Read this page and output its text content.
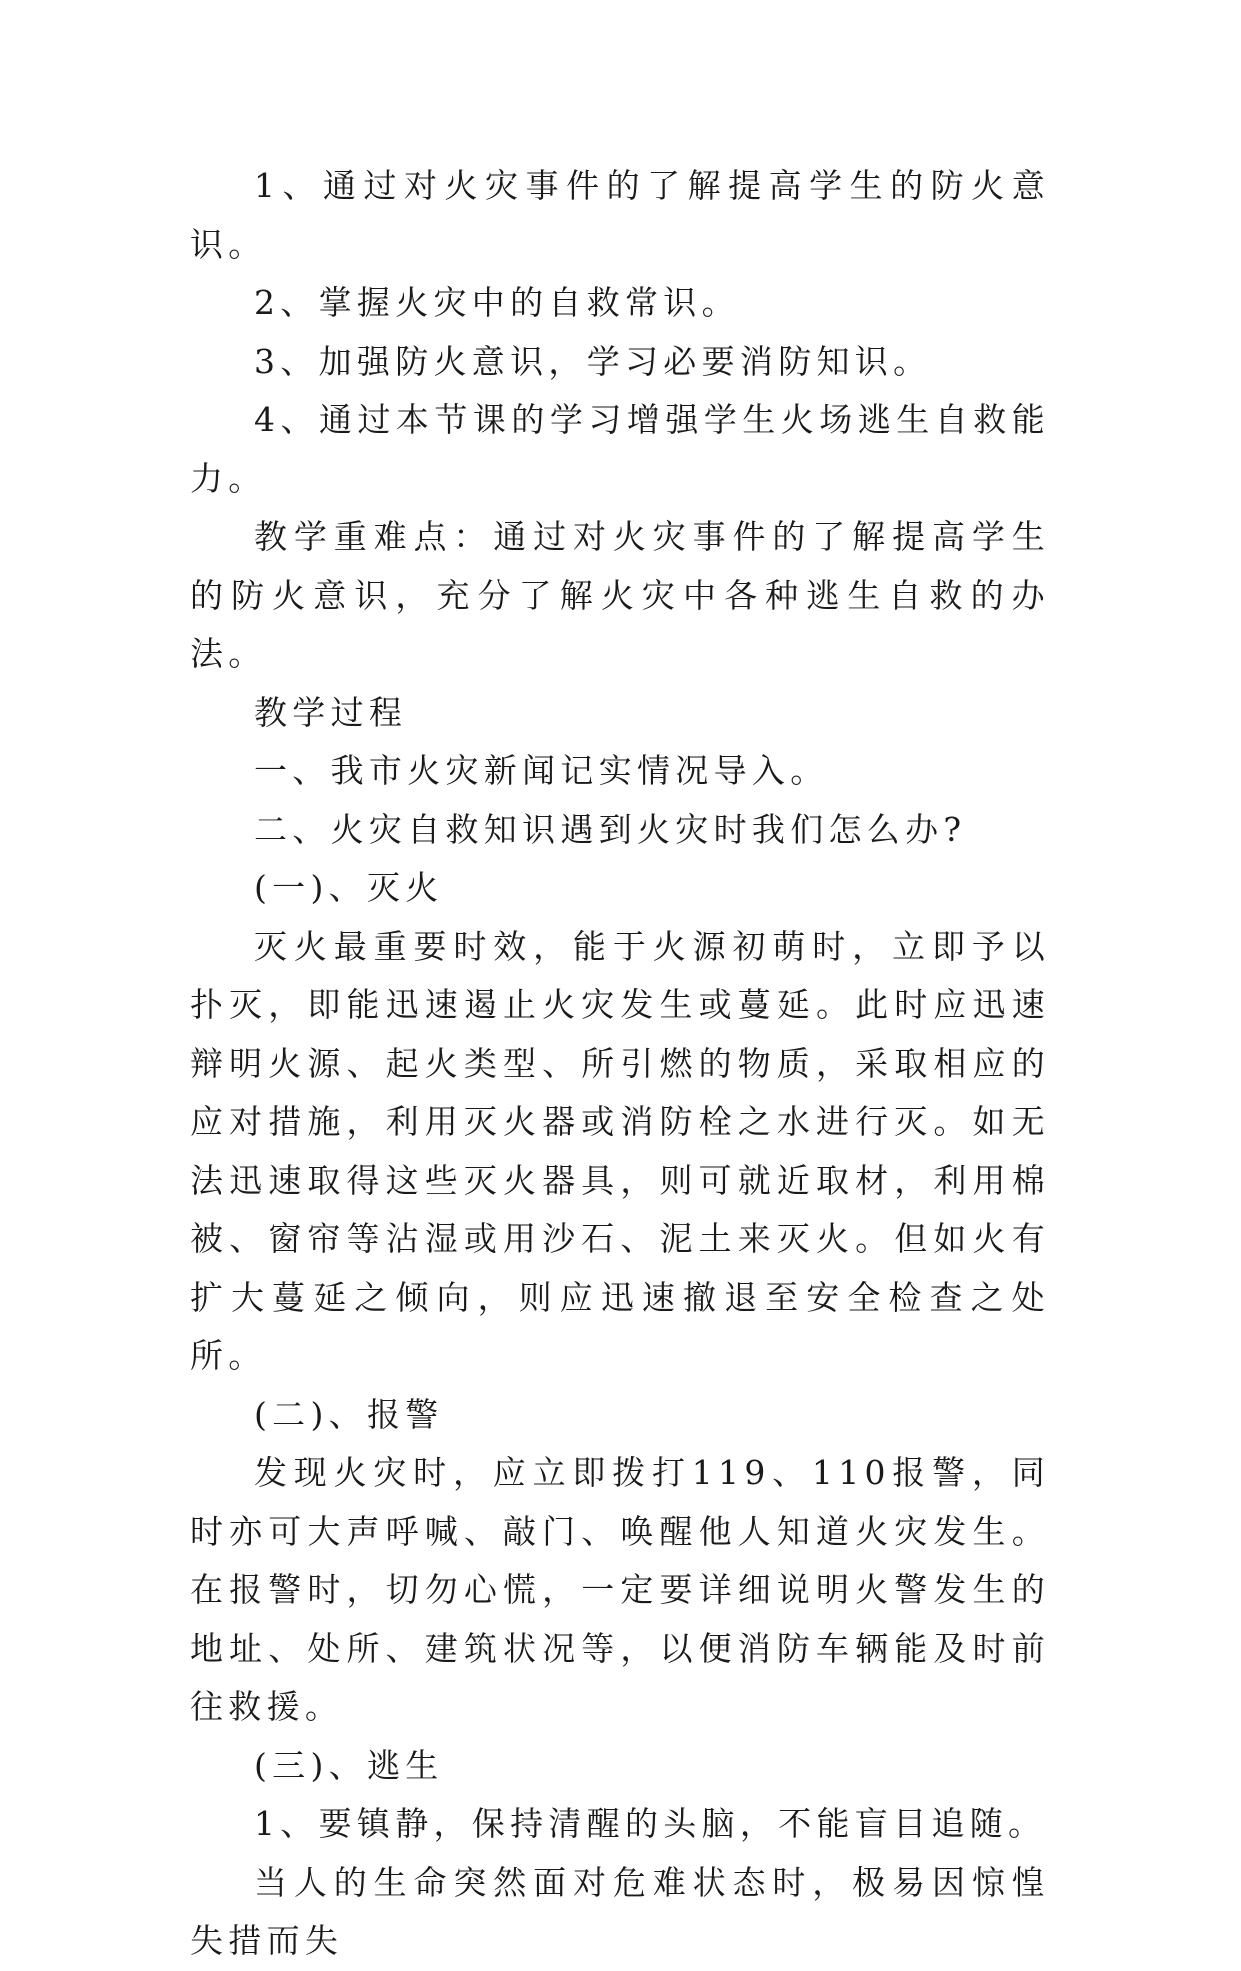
1、通过对火灾事件的了解提高学生的防火意识。

2、掌握火灾中的自救常识。

3、加强防火意识，学习必要消防知识。

4、通过本节课的学习增强学生火场逃生自救能力。

教学重难点：通过对火灾事件的了解提高学生的防火意识，充分了解火灾中各种逃生自救的办法。

教学过程

一、我市火灾新闻记实情况导入。

二、火灾自救知识遇到火灾时我们怎么办?

(一)、灭火

灭火最重要时效，能于火源初萌时，立即予以扑灭，即能迅速遏止火灾发生或蔓延。此时应迅速辩明火源、起火类型、所引燃的物质，采取相应的应对措施，利用灭火器或消防栓之水进行灭。如无法迅速取得这些灭火器具，则可就近取材，利用棉被、窗帘等沾湿或用沙石、泥土来灭火。但如火有扩大蔓延之倾向，则应迅速撤退至安全检查之处所。

(二)、报警

发现火灾时，应立即拨打119、110报警，同时亦可大声呼喊、敲门、唤醒他人知道火灾发生。在报警时，切勿心慌，一定要详细说明火警发生的地址、处所、建筑状况等，以便消防车辆能及时前往救援。

(三)、逃生

1、要镇静，保持清醒的头脑，不能盲目追随。

当人的生命突然面对危难状态时，极易因惊惶失措而失
